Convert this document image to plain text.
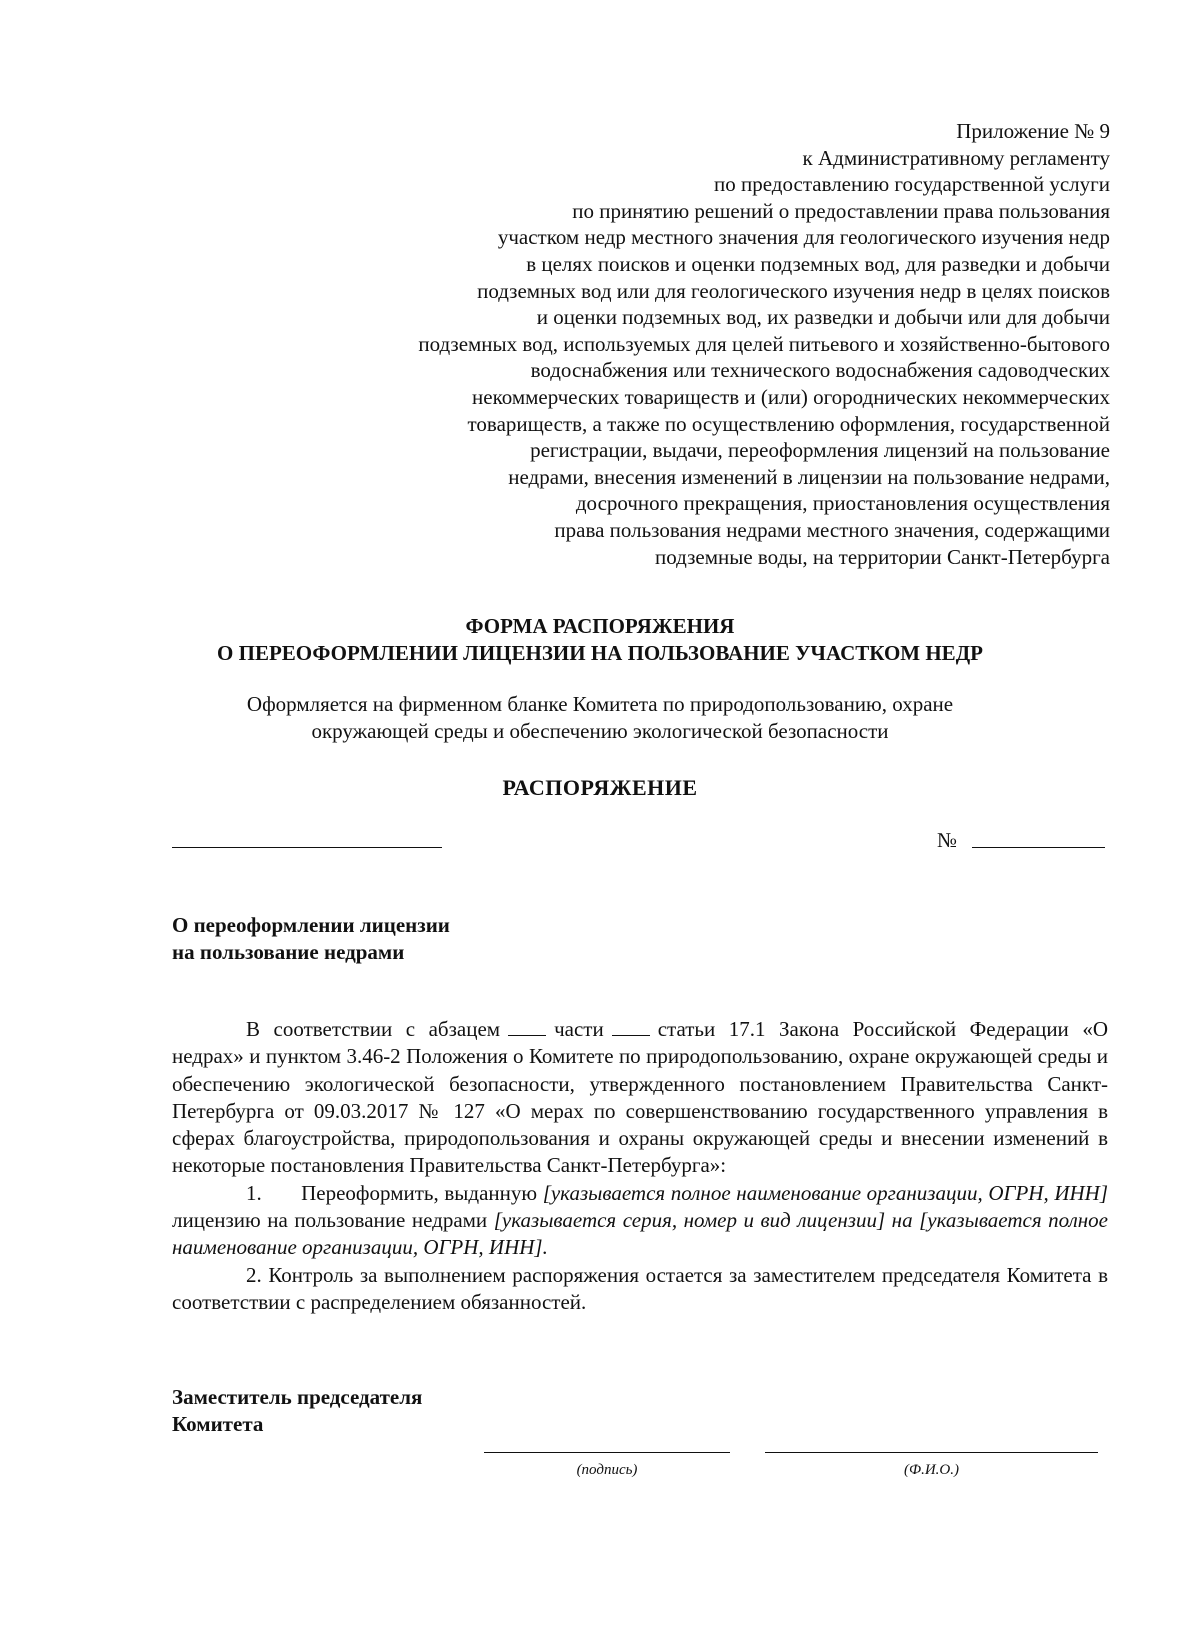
Приложение № 9
к Административному регламенту
по предоставлению государственной услуги
по принятию решений о предоставлении права пользования
участком недр местного значения для геологического изучения недр
в целях поисков и оценки подземных вод, для разведки и добычи
подземных вод или для геологического изучения недр в целях поисков
и оценки подземных вод, их разведки и добычи или для добычи
подземных вод, используемых для целей питьевого и хозяйственно-бытового
водоснабжения или технического водоснабжения садоводческих
некоммерческих товариществ и (или) огороднических некоммерческих
товариществ, а также по осуществлению оформления, государственной
регистрации, выдачи, переоформления лицензий на пользование
недрами, внесения изменений в лицензии на пользование недрами,
досрочного прекращения, приостановления осуществления
права пользования недрами местного значения, содержащими
подземные воды, на территории Санкт-Петербурга
ФОРМА РАСПОРЯЖЕНИЯ
О ПЕРЕОФОРМЛЕНИИ ЛИЦЕНЗИИ НА ПОЛЬЗОВАНИЕ УЧАСТКОМ НЕДР
Оформляется на фирменном бланке Комитета по природопользованию, охране
окружающей среды и обеспечению экологической безопасности
РАСПОРЯЖЕНИЕ
№
О переоформлении лицензии
на пользование недрами

В соответствии с абзацем	части	статьи 17.1 Закона Российской Федерации «О недрах» и пунктом 3.46-2 Положения о Комитете по природопользованию, охране окружающей среды и обеспечению экологической безопасности, утвержденного постановлением Правительства Санкт-Петербурга от 09.03.2017 № 127 «О мерах по совершенствованию государственного управления в сферах благоустройства, природопользования и охраны окружающей среды и внесении изменений в некоторые постановления Правительства Санкт-Петербурга»:

1. Переоформить, выданную [указывается полное наименование организации, ОГРН, ИНН] лицензию на пользование недрами [указывается серия, номер и вид лицензии] на [указывается полное наименование организации, ОГРН, ИНН].

2. Контроль за выполнением распоряжения остается за заместителем председателя Комитета в соответствии с распределением обязанностей.

Заместитель председателя
Комитета
(подпись)	(Ф.И.О.)
